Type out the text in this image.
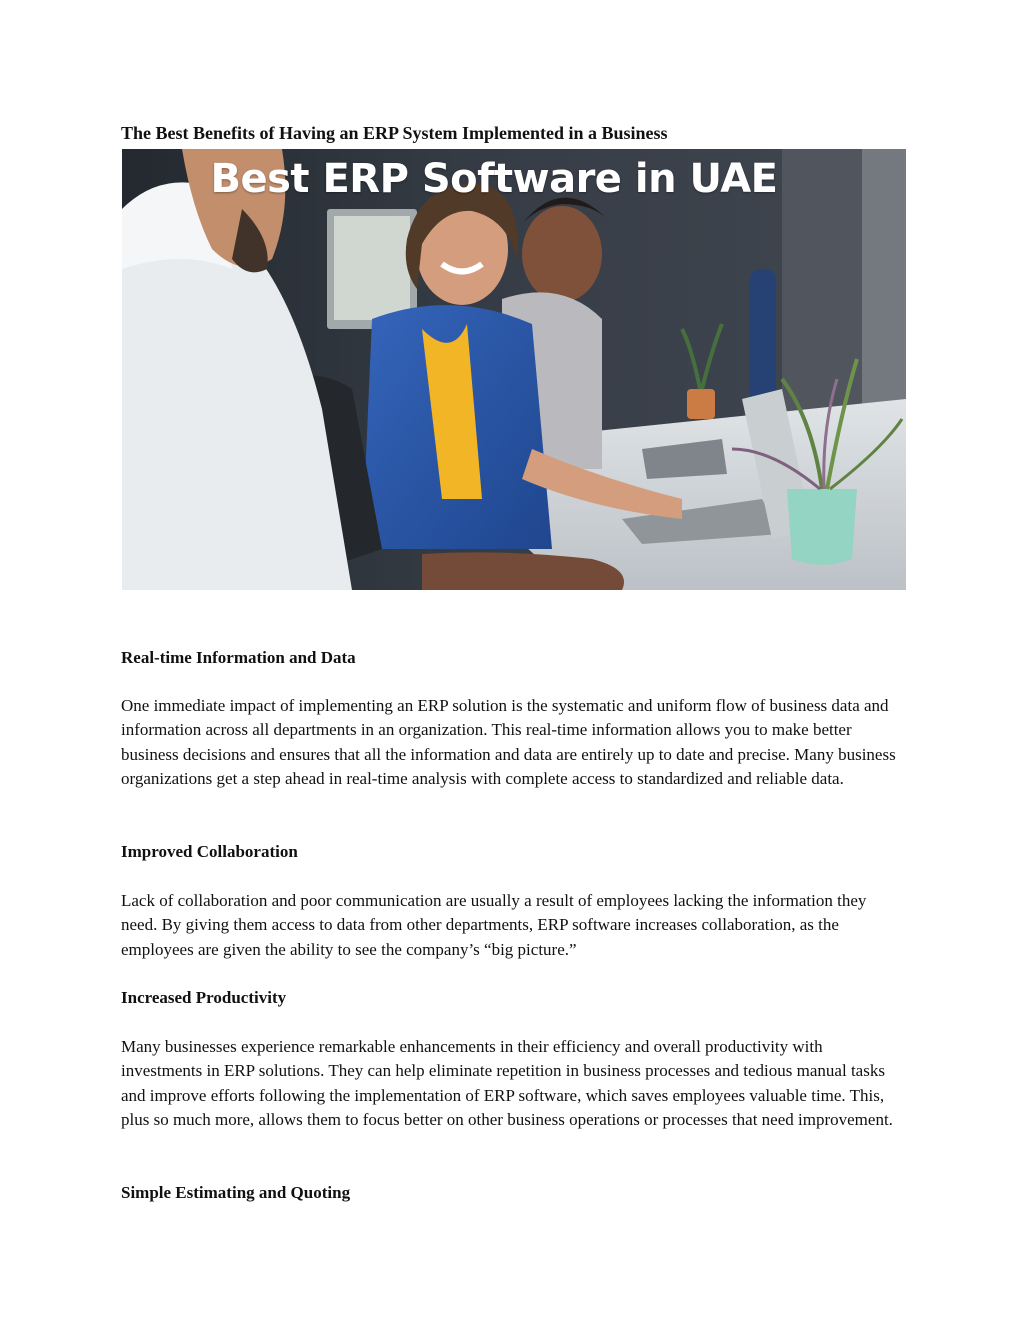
The Best Benefits of Having an ERP System Implemented in a Business
Best ERP Software in UAE
Real-time Information and Data

One immediate impact of implementing an ERP solution is the systematic and uniform flow of business data and information across all departments in an organization. This real-time information allows you to make better business decisions and ensures that all the information and data are entirely up to date and precise. Many business organizations get a step ahead in real-time analysis with complete access to standardized and reliable data.

Improved Collaboration

Lack of collaboration and poor communication are usually a result of employees lacking the information they need. By giving them access to data from other departments, ERP software increases collaboration, as the employees are given the ability to see the company’s “big picture.”

Increased Productivity

Many businesses experience remarkable enhancements in their efficiency and overall productivity with investments in ERP solutions. They can help eliminate repetition in business processes and tedious manual tasks and improve efforts following the implementation of ERP software, which saves employees valuable time. This, plus so much more, allows them to focus better on other business operations or processes that need improvement.

Simple Estimating and Quoting
